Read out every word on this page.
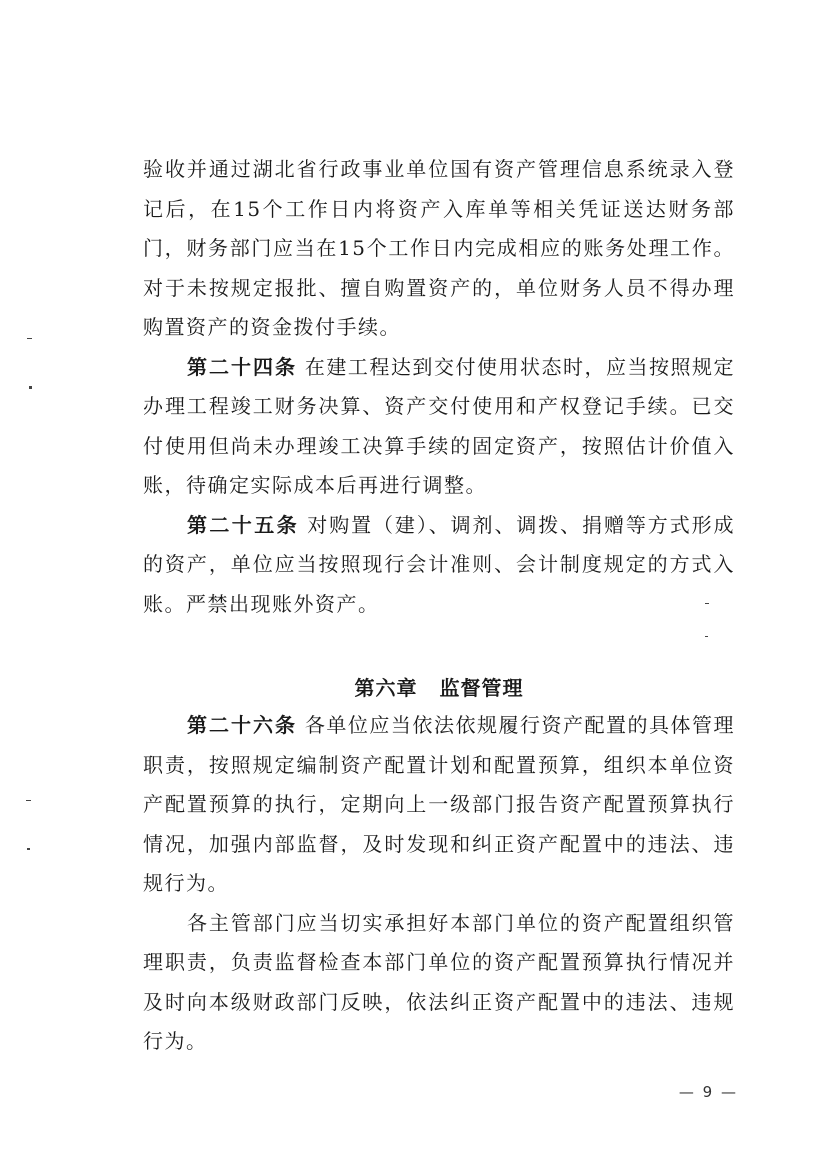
验收并通过湖北省行政事业单位国有资产管理信息系统录入登记后，在15个工作日内将资产入库单等相关凭证送达财务部门，财务部门应当在15个工作日内完成相应的账务处理工作。对于未按规定报批、擅自购置资产的，单位财务人员不得办理购置资产的资金拨付手续。

第二十四条 在建工程达到交付使用状态时，应当按照规定办理工程竣工财务决算、资产交付使用和产权登记手续。已交付使用但尚未办理竣工决算手续的固定资产，按照估计价值入账，待确定实际成本后再进行调整。

第二十五条 对购置（建）、调剂、调拨、捐赠等方式形成的资产，单位应当按照现行会计准则、会计制度规定的方式入账。严禁出现账外资产。

第六章 监督管理

第二十六条 各单位应当依法依规履行资产配置的具体管理职责，按照规定编制资产配置计划和配置预算，组织本单位资产配置预算的执行，定期向上一级部门报告资产配置预算执行情况，加强内部监督，及时发现和纠正资产配置中的违法、违规行为。

各主管部门应当切实承担好本部门单位的资产配置组织管理职责，负责监督检查本部门单位的资产配置预算执行情况并及时向本级财政部门反映，依法纠正资产配置中的违法、违规行为。

— 9 —
